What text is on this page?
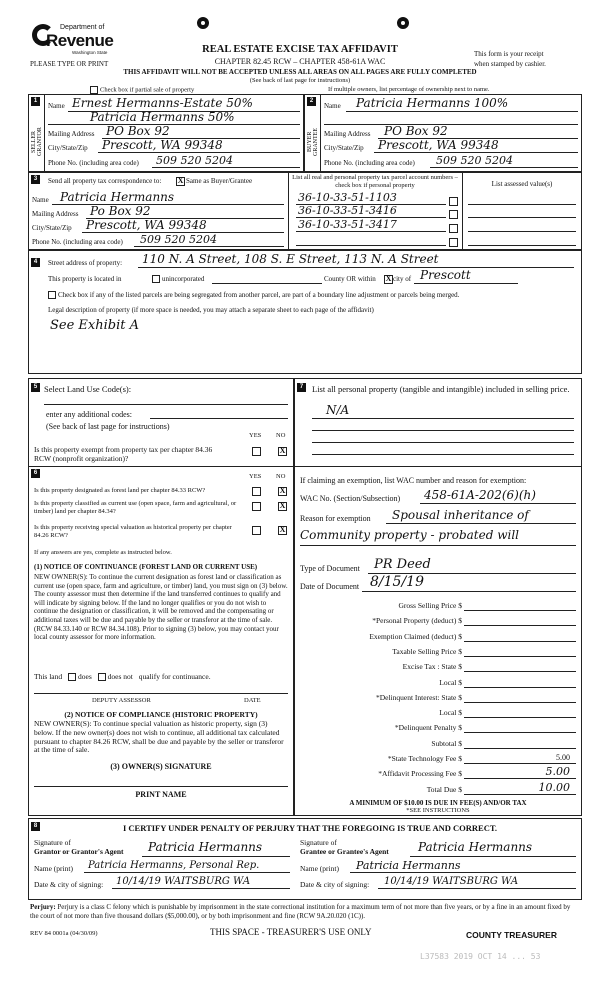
Department of
Revenue
Washington State
PLEASE TYPE OR PRINT
REAL ESTATE EXCISE TAX AFFIDAVIT
CHAPTER 82.45 RCW – CHAPTER 458-61A WAC
THIS AFFIDAVIT WILL NOT BE ACCEPTED UNLESS ALL AREAS ON ALL PAGES ARE FULLY COMPLETED
(See back of last page for instructions)
This form is your receipt
when stamped by cashier.
Check box if partial sale of property	If multiple owners, list percentage of ownership next to name.
1	2
SELLER GRANTOR	BUYER GRANTEE
Name Ernest Hermanns-Estate 50%
Patricia Hermanns 50%
Mailing Address PO Box 92
City/State/Zip Prescott, WA 99348
Phone No. (including area code) 509 520 5204
Name Patricia Hermanns 100%
Mailing Address PO Box 92
City/State/Zip Prescott, WA 99348
Phone No. (including area code) 509 520 5204
3	Send all property tax correspondence to: X Same as Buyer/Grantee
Name Patricia Hermanns
Mailing Address Po Box 92
City/State/Zip Prescott, WA 99348
Phone No. (including area code) 509 520 5204
List all real and personal property tax parcel account numbers – check box if personal property	List assessed value(s)
36-10-33-51-1103
36-10-33-51-3416
36-10-33-51-3417
4	Street address of property: 110 N. A Street, 108 S. E Street, 113 N. A Street
This property is located in	unincorporated	County OR within X city of Prescott
Check box if any of the listed parcels are being segregated from another parcel, are part of a boundary line adjustment or parcels being merged.
Legal description of property (if more space is needed, you may attach a separate sheet to each page of the affidavit)
See Exhibit A
5 Select Land Use Code(s):
enter any additional codes:
(See back of last page for instructions)
YES NO
Is this property exempt from property tax per chapter 84.36 RCW (nonprofit organization)?
X
6	YES NO
Is this property designated as forest land per chapter 84.33 RCW?	X
Is this property classified as current use (open space, farm and agricultural, or timber) land per chapter 84.34?
X
Is this property receiving special valuation as historical property per chapter 84.26 RCW?
X
If any answers are yes, complete as instructed below.
(1) NOTICE OF CONTINUANCE (FOREST LAND OR CURRENT USE)
NEW OWNER(S): To continue the current designation as forest land or classification as current use (open space, farm and agriculture, or timber) land, you must sign on (3) below. The county assessor must then determine if the land transferred continues to qualify and will indicate by signing below. If the land no longer qualifies or you do not wish to continue the designation or classification, it will be removed and the compensating or additional taxes will be due and payable by the seller or transferor at the time of sale. (RCW 84.33.140 or RCW 84.34.108). Prior to signing (3) below, you may contact your local county assessor for more information.
This land does does not qualify for continuance.
DEPUTY ASSESSOR	DATE
(2) NOTICE OF COMPLIANCE (HISTORIC PROPERTY)
NEW OWNER(S): To continue special valuation as historic property, sign (3) below. If the new owner(s) does not wish to continue, all additional tax calculated pursuant to chapter 84.26 RCW, shall be due and payable by the seller or transferor at the time of sale.
(3) OWNER(S) SIGNATURE
PRINT NAME
7	List all personal property (tangible and intangible) included in selling price.
N/A
If claiming an exemption, list WAC number and reason for exemption:
WAC No. (Section/Subsection) 458-61A-202(6)(h)
Reason for exemption Spousal inheritance of
Community property - probated will
Type of Document PR Deed
Date of Document 8/15/19
Gross Selling Price $
*Personal Property (deduct) $
Exemption Claimed (deduct) $
Taxable Selling Price $
Excise Tax : State $
Local $
*Delinquent Interest: State $
Local $
*Delinquent Penalty $
Subtotal $
*State Technology Fee $	5.00
*Affidavit Processing Fee $	5.00
Total Due $	10.00
A MINIMUM OF $10.00 IS DUE IN FEE(S) AND/OR TAX
*SEE INSTRUCTIONS
8	I CERTIFY UNDER PENALTY OF PERJURY THAT THE FOREGOING IS TRUE AND CORRECT.
Signature of
Grantor or Grantor's Agent Patricia Hermanns
Name (print) Patricia Hermanns, Personal Rep.
Date & city of signing: 10/14/19 WAITSBURG WA
Signature of
Grantee or Grantee's Agent Patricia Hermanns
Name (print) Patricia Hermanns
Date & city of signing: 10/14/19 WAITSBURG WA
Perjury: Perjury is a class C felony which is punishable by imprisonment in the state correctional institution for a maximum term of not more than five years, or by a fine in an amount fixed by the court of not more than five thousand dollars ($5,000.00), or by both imprisonment and fine (RCW 9A.20.020 (1C)).
REV 84 0001a (04/30/09)	THIS SPACE - TREASURER'S USE ONLY	COUNTY TREASURER
L37583 2019 OCT 14 ... 53
